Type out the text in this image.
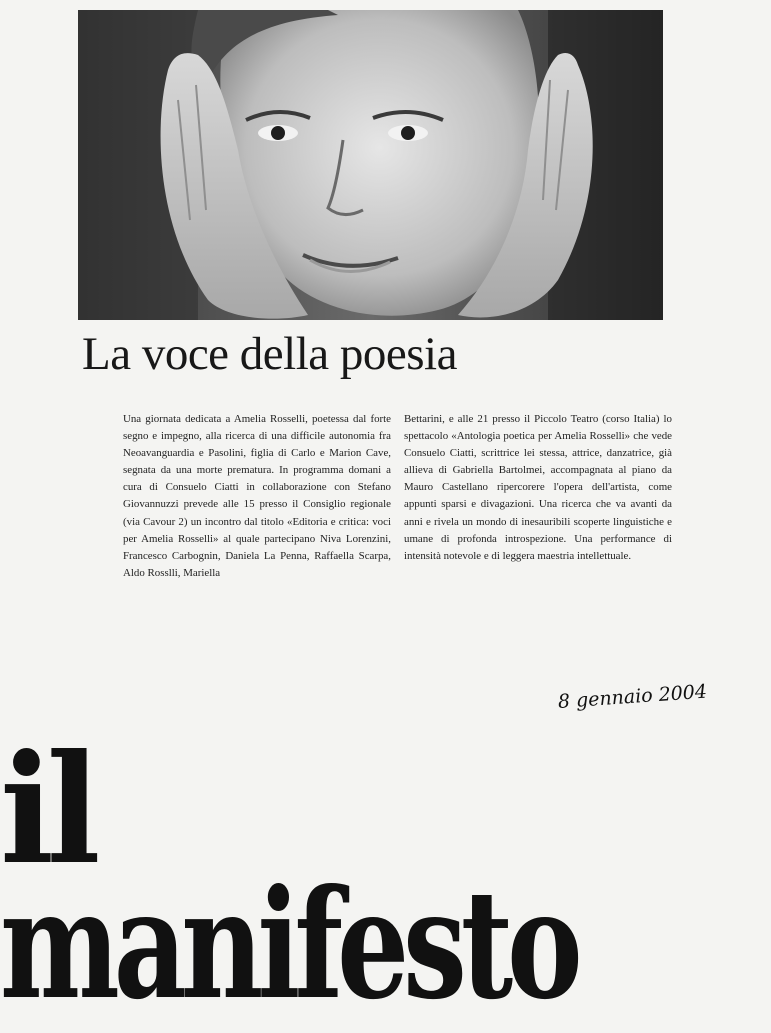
La voce della poesia

Una giornata dedicata a Amelia Rosselli, poetessa dal forte segno e impegno, alla ricerca di una difficile autonomia fra Neoavanguardia e Pasolini, figlia di Carlo e Marion Cave, segnata da una morte prematura. In programma domani a cura di Consuelo Ciatti in collaborazione con Stefano Giovannuzzi prevede alle 15 presso il Consiglio regionale (via Cavour 2) un incontro dal titolo «Editoria e critica: voci per Amelia Rosselli» al quale partecipano Niva Lorenzini, Francesco Carbognin, Daniela La Penna, Raffaella Scarpa, Aldo Rosslli, Mariella

Bettarini, e alle 21 presso il Piccolo Teatro (corso Italia) lo spettacolo «Antologia poetica per Amelia Rosselli» che vede Consuelo Ciatti, scrittrice lei stessa, attrice, danzatrice, già allieva di Gabriella Bartolmei, accompagnata al piano da Mauro Castellano ripercorere l'opera dell'artista, come appunti sparsi e divagazioni. Una ricerca che va avanti da anni e rivela un mondo di inesauribili scoperte linguistiche e umane di profonda introspezione. Una performance di intensità notevole e di leggera maestria intellettuale.

8 gennaio 2004
il
manifesto
